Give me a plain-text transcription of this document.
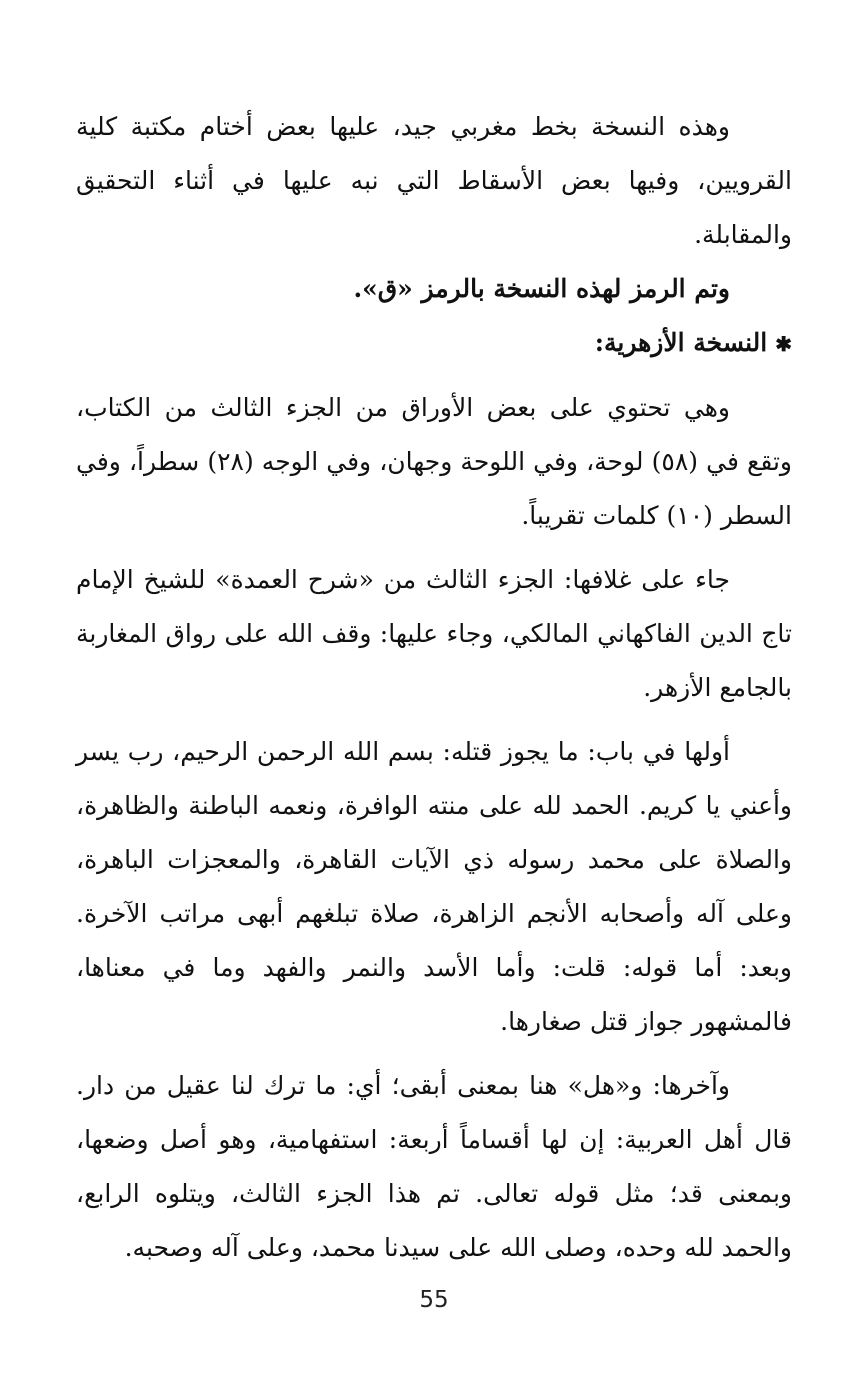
وهذه النسخة بخط مغربي جيد، عليها بعض أختام مكتبة كلية القرويين، وفيها بعض الأسقاط التي نبه عليها في أثناء التحقيق والمقابلة.

وتم الرمز لهذه النسخة بالرمز «ق».

✱النسخة الأزهرية:

وهي تحتوي على بعض الأوراق من الجزء الثالث من الكتاب، وتقع في (٥٨) لوحة، وفي اللوحة وجهان، وفي الوجه (٢٨) سطراً، وفي السطر (١٠) كلمات تقريباً.

جاء على غلافها: الجزء الثالث من «شرح العمدة» للشيخ الإمام تاج الدين الفاكهاني المالكي، وجاء عليها: وقف الله على رواق المغاربة بالجامع الأزهر.

أولها في باب: ما يجوز قتله: بسم الله الرحمن الرحيم، رب يسر وأعني يا كريم. الحمد لله على منته الوافرة، ونعمه الباطنة والظاهرة، والصلاة على محمد رسوله ذي الآيات القاهرة، والمعجزات الباهرة، وعلى آله وأصحابه الأنجم الزاهرة، صلاة تبلغهم أبهى مراتب الآخرة. وبعد: أما قوله: قلت: وأما الأسد والنمر والفهد وما في معناها، فالمشهور جواز قتل صغارها.

وآخرها: و«هل» هنا بمعنى أبقى؛ أي: ما ترك لنا عقيل من دار. قال أهل العربية: إن لها أقساماً أربعة: استفهامية، وهو أصل وضعها، وبمعنى قد؛ مثل قوله تعالى. تم هذا الجزء الثالث، ويتلوه الرابع، والحمد لله وحده، وصلى الله على سيدنا محمد، وعلى آله وصحبه.

55
